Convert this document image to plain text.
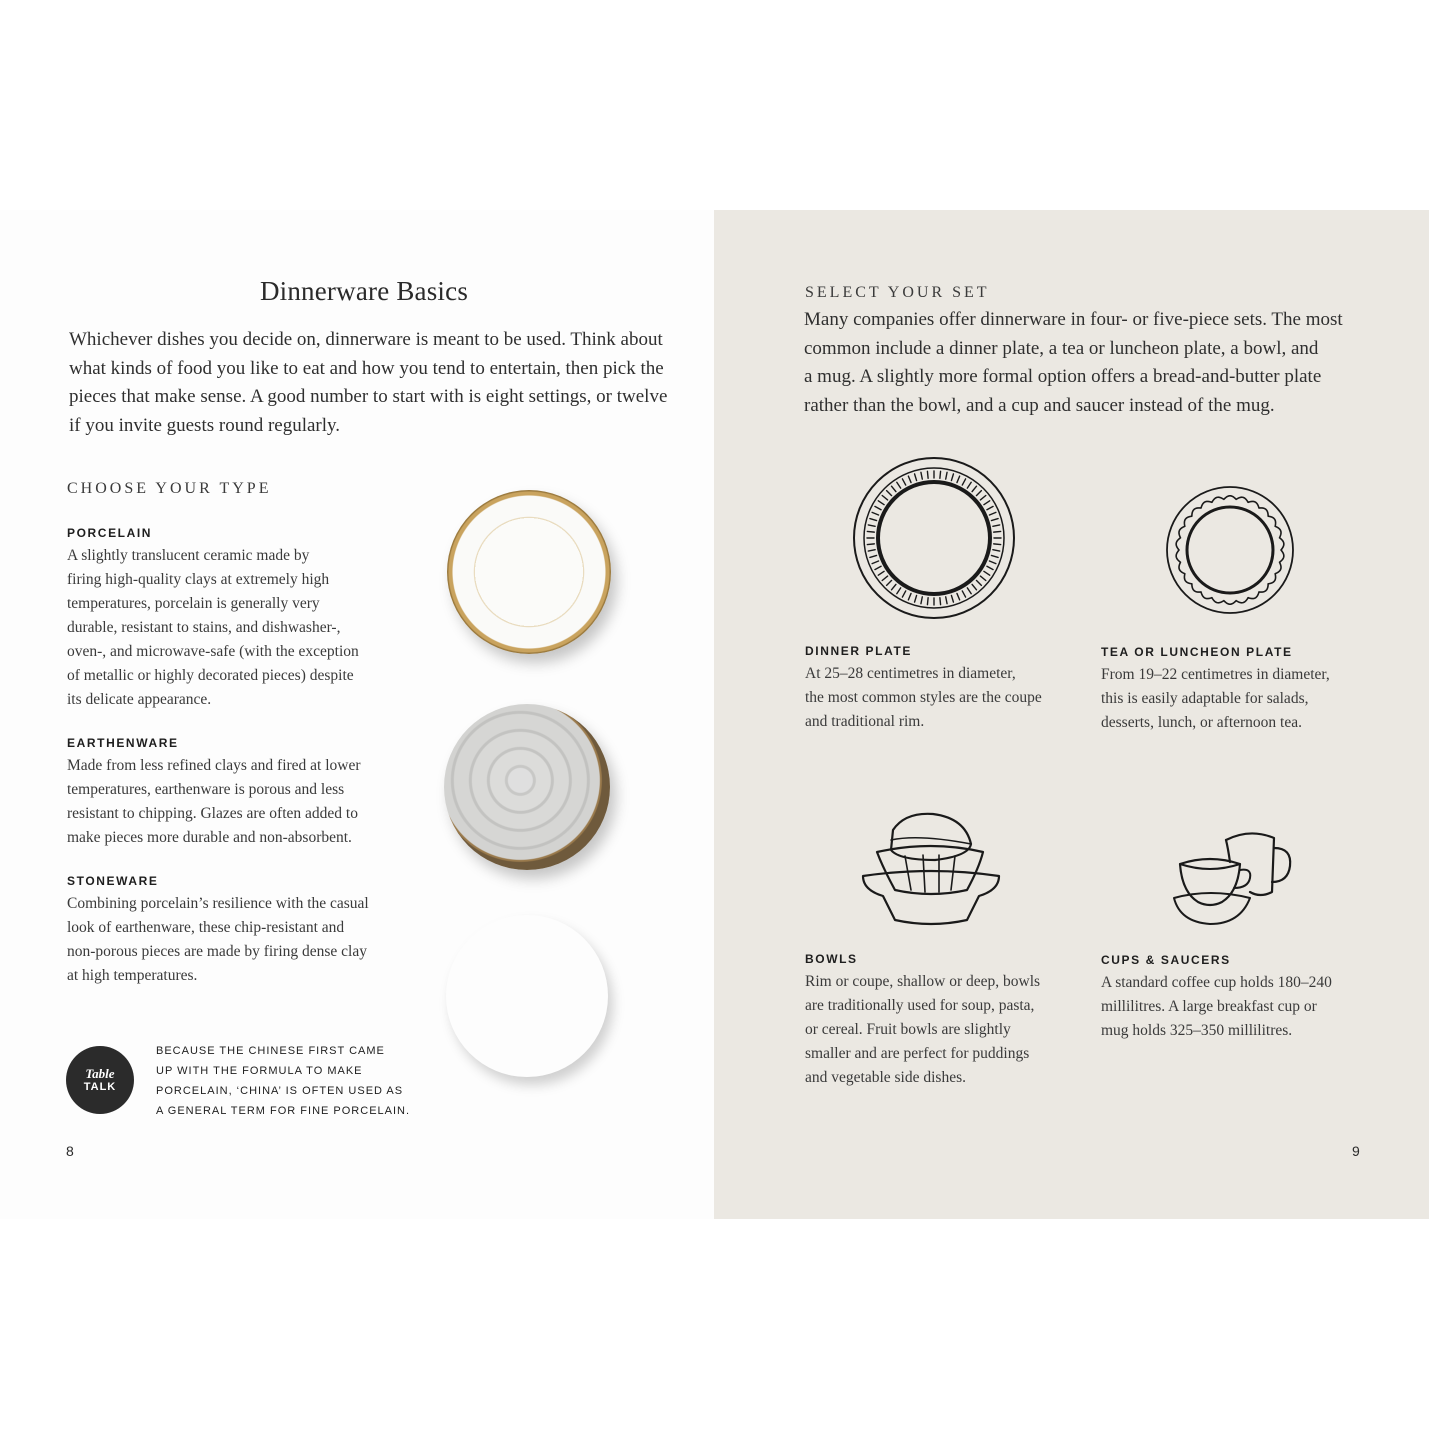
Dinnerware Basics
Whichever dishes you decide on, dinnerware is meant to be used. Think about what kinds of food you like to eat and how you tend to entertain, then pick the pieces that make sense. A good number to start with is eight settings, or twelve if you invite guests round regularly.
CHOOSE YOUR TYPE
PORCELAIN
A slightly translucent ceramic made by
firing high-quality clays at extremely high
temperatures, porcelain is generally very
durable, resistant to stains, and dishwasher-,
oven-, and microwave-safe (with the exception
of metallic or highly decorated pieces) despite
its delicate appearance.
EARTHENWARE
Made from less refined clays and fired at lower
temperatures, earthenware is porous and less
resistant to chipping. Glazes are often added to
make pieces more durable and non-absorbent.
STONEWARE
Combining porcelain’s resilience with the casual
look of earthenware, these chip-resistant and
non-porous pieces are made by firing dense clay
at high temperatures.
Table
TALK
BECAUSE THE CHINESE FIRST CAME
UP WITH THE FORMULA TO MAKE
PORCELAIN, ‘CHINA’ IS OFTEN USED AS
A GENERAL TERM FOR FINE PORCELAIN.
8
SELECT YOUR SET
Many companies offer dinnerware in four- or five-piece sets. The most
common include a dinner plate, a tea or luncheon plate, a bowl, and
a mug. A slightly more formal option offers a bread-and-butter plate
rather than the bowl, and a cup and saucer instead of the mug.
DINNER PLATE
At 25–28 centimetres in diameter,
the most common styles are the coupe
and traditional rim.
TEA OR LUNCHEON PLATE
From 19–22 centimetres in diameter,
this is easily adaptable for salads,
desserts, lunch, or afternoon tea.
BOWLS
Rim or coupe, shallow or deep, bowls
are traditionally used for soup, pasta,
or cereal. Fruit bowls are slightly
smaller and are perfect for puddings
and vegetable side dishes.
CUPS & SAUCERS
A standard coffee cup holds 180–240
millilitres. A large breakfast cup or
mug holds 325–350 millilitres.
9
